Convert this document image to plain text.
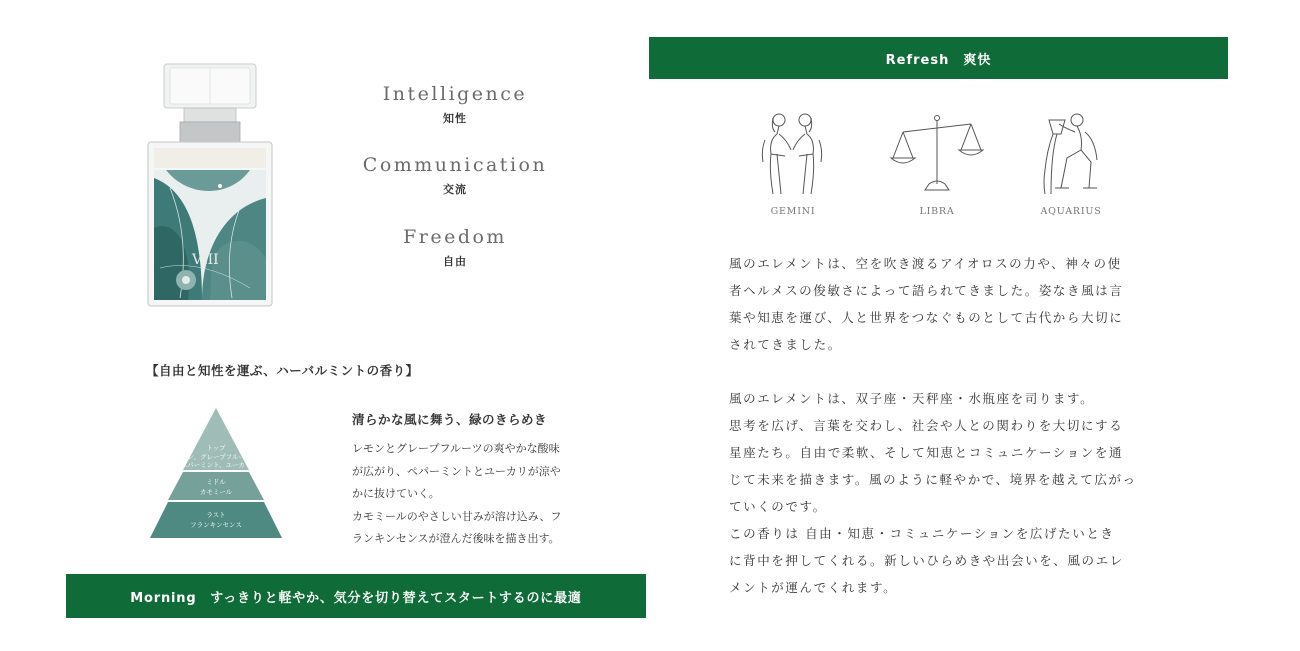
VIII
Intelligence
知性
Communication
交流
Freedom
自由
【自由と知性を運ぶ、ハーバルミントの香り】
トップ
レモン、グレープフルーツ、
ペパーミント、ユーカリ
ミドル
カモミール
ラスト
フランキンセンス
清らかな風に舞う、緑のきらめき
レモンとグレープフルーツの爽やかな酸味
が広がり、ペパーミントとユーカリが涼や
かに抜けていく。
カモミールのやさしい甘みが溶け込み、フ
ランキンセンスが澄んだ後味を描き出す。
Morning　すっきりと軽やか、気分を切り替えてスタートするのに最適
Refresh　爽快
GEMINI	LIBRA	AQUARIUS
風のエレメントは、空を吹き渡るアイオロスの力や、神々の使
者ヘルメスの俊敏さによって語られてきました。姿なき風は言
葉や知恵を運び、人と世界をつなぐものとして古代から大切に
されてきました。
風のエレメントは、双子座・天秤座・水瓶座を司ります。
思考を広げ、言葉を交わし、社会や人との関わりを大切にする
星座たち。自由で柔軟、そして知恵とコミュニケーションを通
じて未来を描きます。風のように軽やかで、境界を越えて広がっ
ていくのです。
この香りは 自由・知恵・コミュニケーションを広げたいとき
に背中を押してくれる。新しいひらめきや出会いを、風のエレ
メントが運んでくれます。
